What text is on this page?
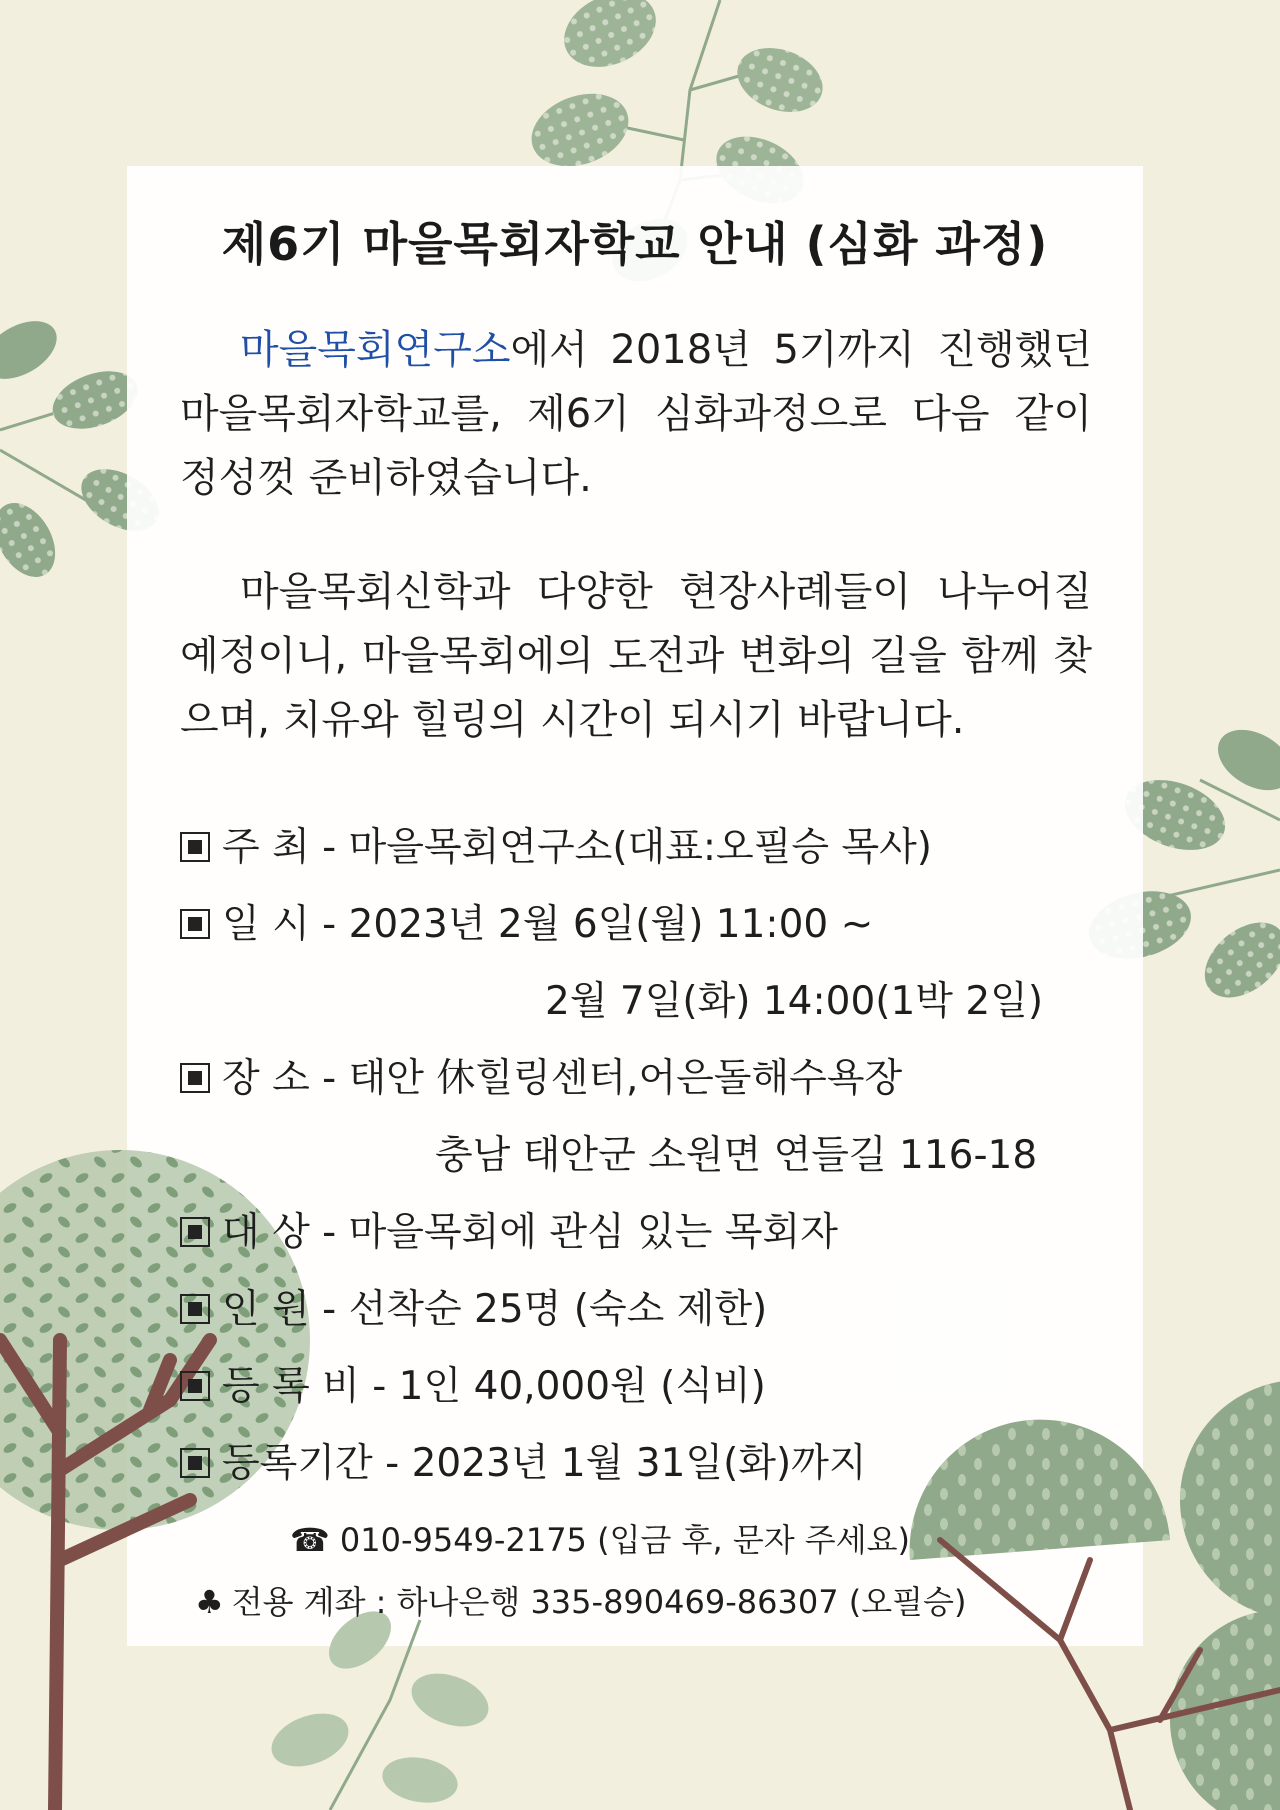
제6기 마을목회자학교 안내 (심화 과정)
마을목회연구소에서 2018년 5기까지 진행했던 마을목회자학교를, 제6기 심화과정으로 다음 같이 정성껏 준비하였습니다.
마을목회신학과 다양한 현장사례들이 나누어질 예정이니, 마을목회에의 도전과 변화의 길을 함께 찾으며, 치유와 힐링의 시간이 되시기 바랍니다.
주 최 - 마을목회연구소(대표:오필승 목사)
일 시 - 2023년 2월 6일(월) 11:00 ~
2월 7일(화) 14:00(1박 2일)
장 소 - 태안 休힐링센터,어은돌해수욕장
충남 태안군 소원면 연들길 116-18
대 상 - 마을목회에 관심 있는 목회자
인 원 - 선착순 25명 (숙소 제한)
등 록 비 - 1인 40,000원 (식비)
등록기간 - 2023년 1월 31일(화)까지
☎ 010-9549-2175 (입금 후, 문자 주세요)
♣ 전용 계좌 : 하나은행 335-890469-86307 (오필승)
